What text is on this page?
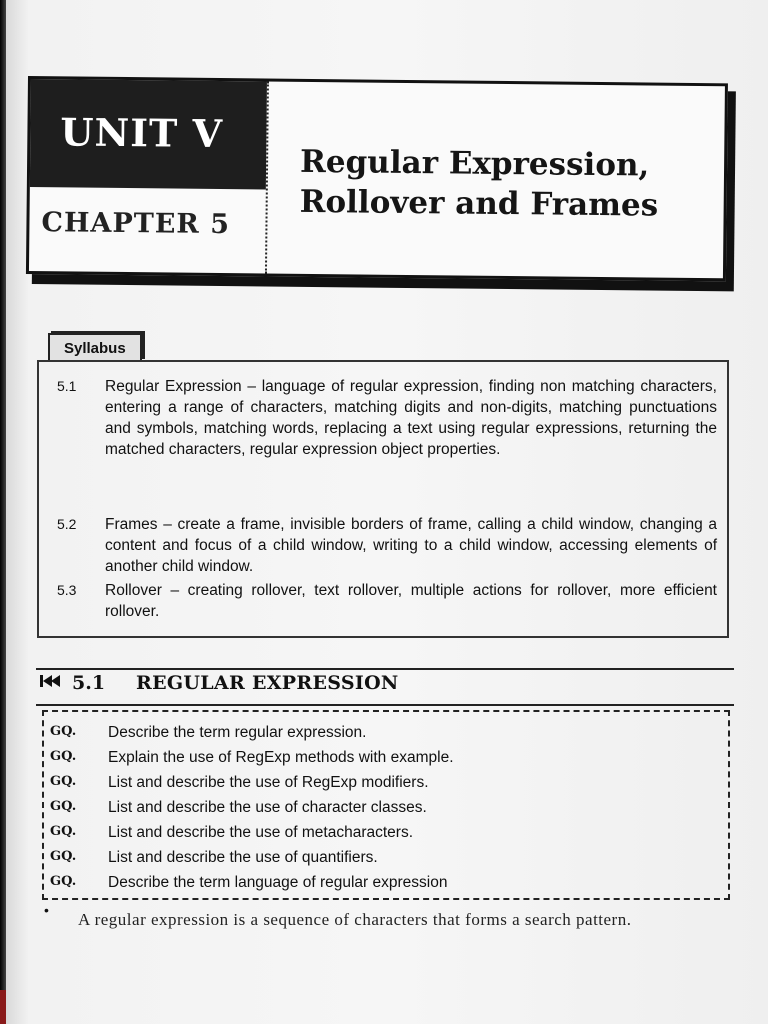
UNIT V
CHAPTER 5
Regular Expression,
Rollover and Frames
Syllabus
5.1	Regular Expression – language of regular expression, finding non matching characters, entering a range of characters, matching digits and non-digits, matching punctuations and symbols, matching words, replacing a text using regular expressions, returning the matched characters, regular expression object properties.
5.2	Frames – create a frame, invisible borders of frame, calling a child window, changing a content and focus of a child window, writing to a child window, accessing elements of another child window.
5.3	Rollover – creating rollover, text rollover, multiple actions for rollover, more efficient rollover.
5.1 REGULAR EXPRESSION
GQ. Describe the term regular expression.
GQ. Explain the use of RegExp methods with example.
GQ. List and describe the use of RegExp modifiers.
GQ. List and describe the use of character classes.
GQ. List and describe the use of metacharacters.
GQ. List and describe the use of quantifiers.
GQ. Describe the term language of regular expression
• A regular expression is a sequence of characters that forms a search pattern.
